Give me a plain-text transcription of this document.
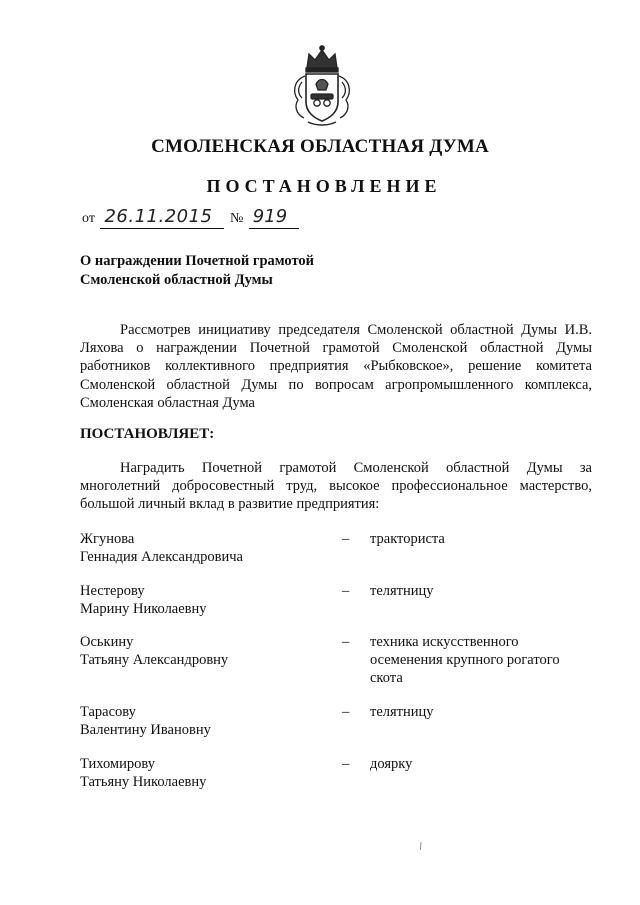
СМОЛЕНСКАЯ ОБЛАСТНАЯ ДУМА
ПОСТАНОВЛЕНИЕ
от 26.11.2015 № 919
О награждении Почетной грамотой
Смоленской областной Думы
Рассмотрев инициативу председателя Смоленской областной Думы И.В. Ляхова о награждении Почетной грамотой Смоленской областной Думы работников коллективного предприятия «Рыбковское», решение комитета Смоленской областной Думы по вопросам агропромышленного комплекса, Смоленская областная Дума
ПОСТАНОВЛЯЕТ:
Наградить Почетной грамотой Смоленской областной Думы за многолетний добросовестный труд, высокое профессиональное мастерство, большой личный вклад в развитие предприятия:
Жгунова
Геннадия Александровича
– тракториста
Нестерову
Марину Николаевну
– телятницу
Оськину
Татьяну Александровну
– техника искусственного осеменения крупного рогатого скота
Тарасову
Валентину Ивановну
– телятницу
Тихомирову
Татьяну Николаевну
– доярку
